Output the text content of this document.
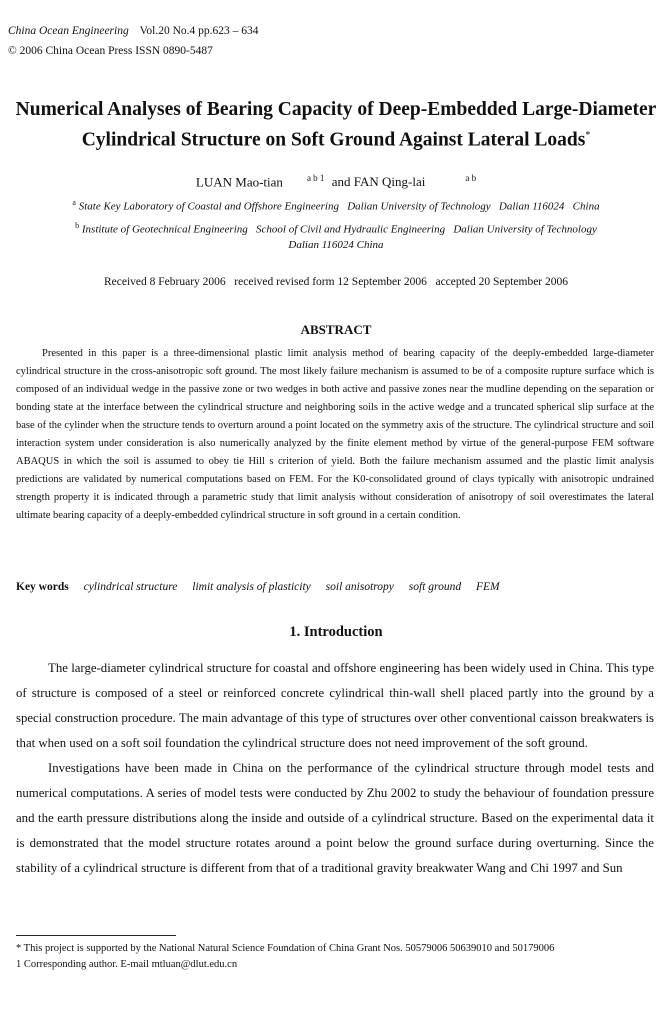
China Ocean Engineering Vol.20 No.4 pp.623 – 634
© 2006 China Ocean Press ISSN 0890-5487
Numerical Analyses of Bearing Capacity of Deep-Embedded Large-Diameter
Cylindrical Structure on Soft Ground Against Lateral Loads*
LUAN Mao-tian	$^{a b 1}$ and FAN Qing-lai	$^{a b}$
$^a$ State Key Laboratory of Coastal and Offshore Engineering   Dalian University of Technology   Dalian 116024   China
$^b$ Institute of Geotechnical Engineering   School of Civil and Hydraulic Engineering   Dalian University of Technology
Dalian 116024 China
Received 8 February 2006   received revised form 12 September 2006   accepted 20 September 2006
ABSTRACT

Presented in this paper is a three-dimensional plastic limit analysis method of bearing capacity of the deeply-embedded large-diameter cylindrical structure in the cross-anisotropic soft ground. The most likely failure mechanism is assumed to be of a composite rupture surface which is composed of an individual wedge in the passive zone or two wedges in both active and passive zones near the mudline depending on the separation or bonding state at the interface between the cylindrical structure and neighboring soils in the active wedge and a truncated spherical slip surface at the base of the cylinder when the structure tends to overturn around a point located on the symmetry axis of the structure. The cylindrical structure and soil interaction system under consideration is also numerically analyzed by the finite element method by virtue of the general-purpose FEM software ABAQUS in which the soil is assumed to obey tie Hill s criterion of yield. Both the failure mechanism assumed and the plastic limit analysis predictions are validated by numerical computations based on FEM. For the K0-consolidated ground of clays typically with anisotropic undrained strength property it is indicated through a parametric study that limit analysis without consideration of anisotropy of soil overestimates the lateral ultimate bearing capacity of a deeply-embedded cylindrical structure in soft ground in a certain condition.

Key words cylindrical structure limit analysis of plasticity soil anisotropy soft ground FEM
1. Introduction

The large-diameter cylindrical structure for coastal and offshore engineering has been widely used in China. This type of structure is composed of a steel or reinforced concrete cylindrical thin-wall shell placed partly into the ground by a special construction procedure. The main advantage of this type of structures over other conventional caisson breakwaters is that when used on a soft soil foundation the cylindrical structure does not need improvement of the soft ground.

Investigations have been made in China on the performance of the cylindrical structure through model tests and numerical computations. A series of model tests were conducted by Zhu 2002 to study the behaviour of foundation pressure and the earth pressure distributions along the inside and outside of a cylindrical structure. Based on the experimental data it is demonstrated that the model structure rotates around a point below the ground surface during overturning. Since the stability of a cylindrical structure is different from that of a traditional gravity breakwater Wang and Chi 1997 and Sun

* This project is supported by the National Natural Science Foundation of China Grant Nos. 50579006 50639010 and 50179006
1 Corresponding author. E-mail mtluan@dlut.edu.cn
